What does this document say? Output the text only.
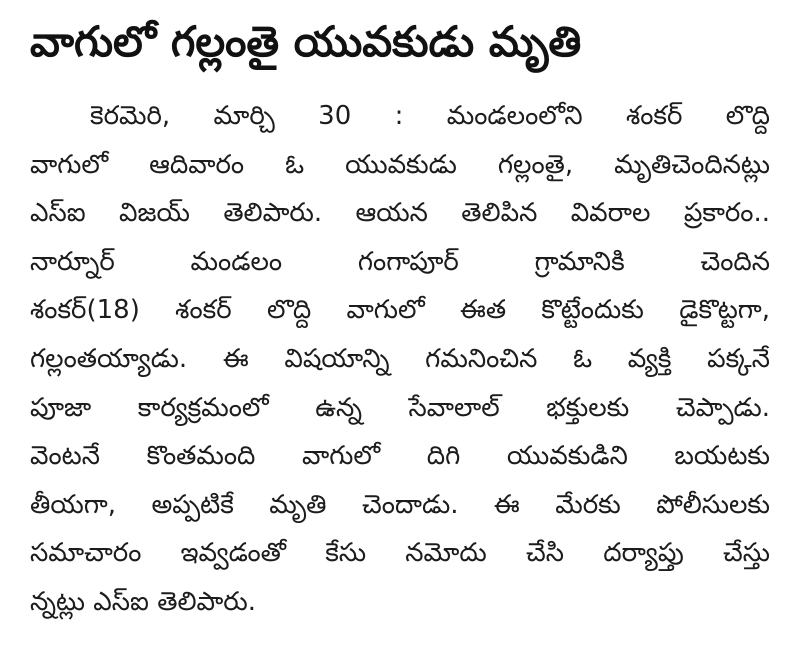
వాగులో గల్లంతై యువకుడు మృతి
కెరమెరి, మార్చి 30 : మండలంలోని శంకర్ లొద్ది
వాగులో ఆదివారం ఓ యువకుడు గల్లంతై, మృతిచెందినట్లు
ఎస్ఐ విజయ్ తెలిపారు. ఆయన తెలిపిన వివరాల ప్రకారం..
నార్నూర్ మండలం గంగాపూర్ గ్రామానికి చెందిన
శంకర్(18) శంకర్ లొద్ది వాగులో ఈత కొట్టేందుకు డైకొట్టగా,
గల్లంతయ్యాడు. ఈ విషయాన్ని గమనించిన ఓ వ్యక్తి పక్కనే
పూజా కార్యక్రమంలో ఉన్న సేవాలాల్ భక్తులకు చెప్పాడు.
వెంటనే కొంతమంది వాగులో దిగి యువకుడిని బయటకు
తీయగా, అప్పటికే మృతి చెందాడు. ఈ మేరకు పోలీసులకు
సమాచారం ఇవ్వడంతో కేసు నమోదు చేసి దర్యాప్తు చేస్తు
న్నట్లు ఎస్ఐ తెలిపారు.
